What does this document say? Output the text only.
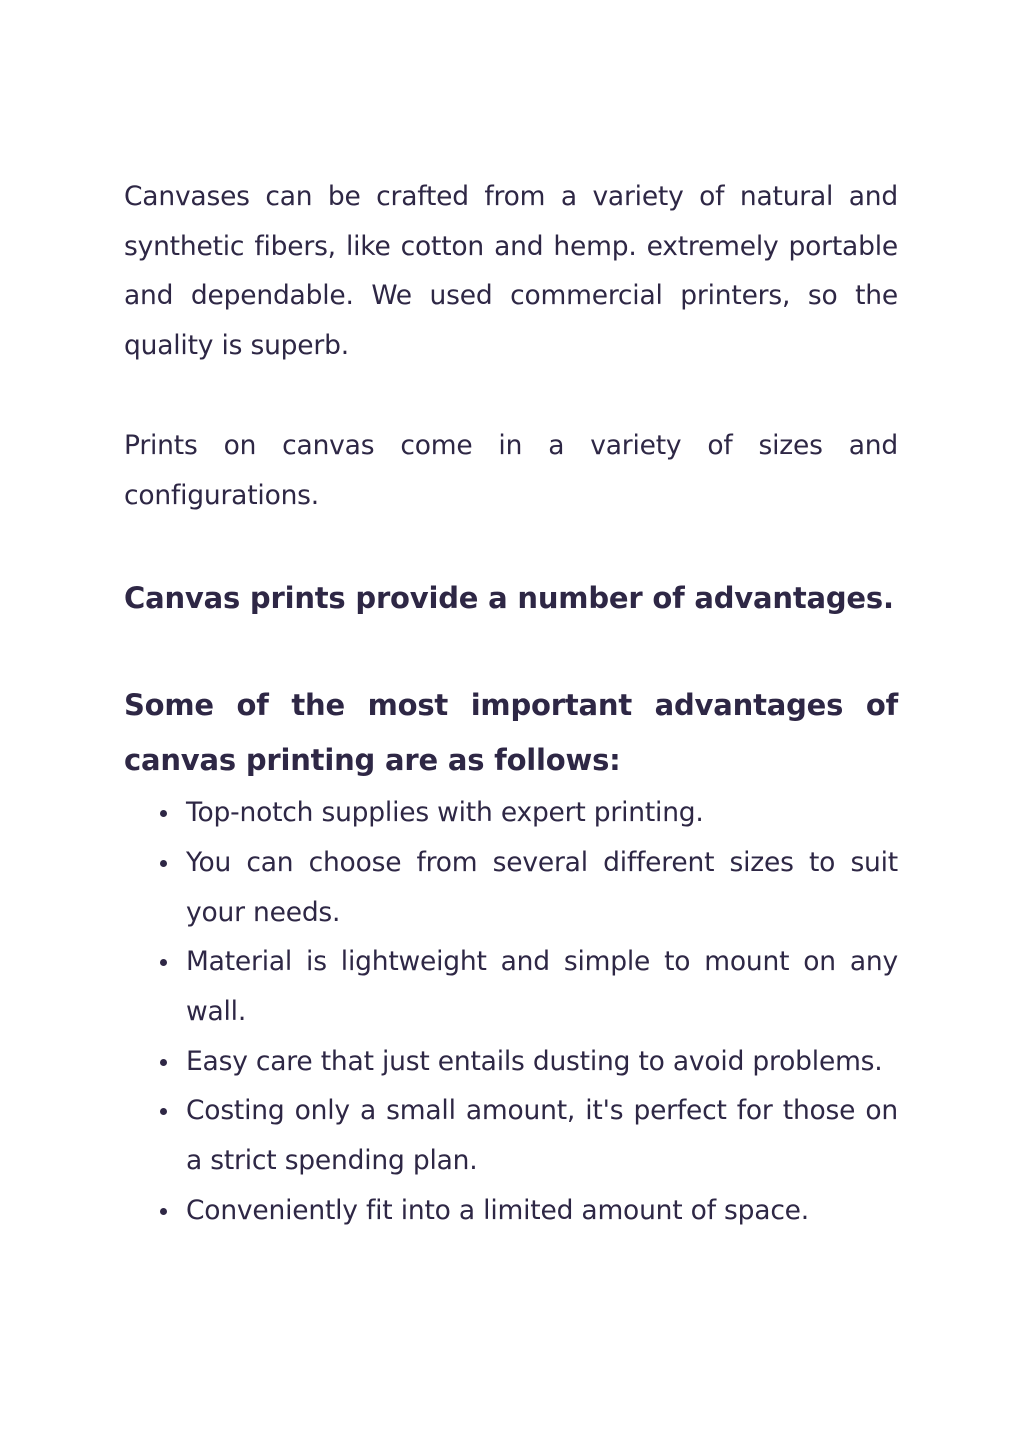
Canvases can be crafted from a variety of natural and synthetic fibers, like cotton and hemp. extremely portable and dependable. We used commercial printers, so the quality is superb.

Prints on canvas come in a variety of sizes and configurations.

Canvas prints provide a number of advantages.
Some of the most important advantages of canvas printing are as follows:
Top-notch supplies with expert printing.
You can choose from several different sizes to suit your needs.
Material is lightweight and simple to mount on any wall.
Easy care that just entails dusting to avoid problems.
Costing only a small amount, it's perfect for those on a strict spending plan.
Conveniently fit into a limited amount of space.
